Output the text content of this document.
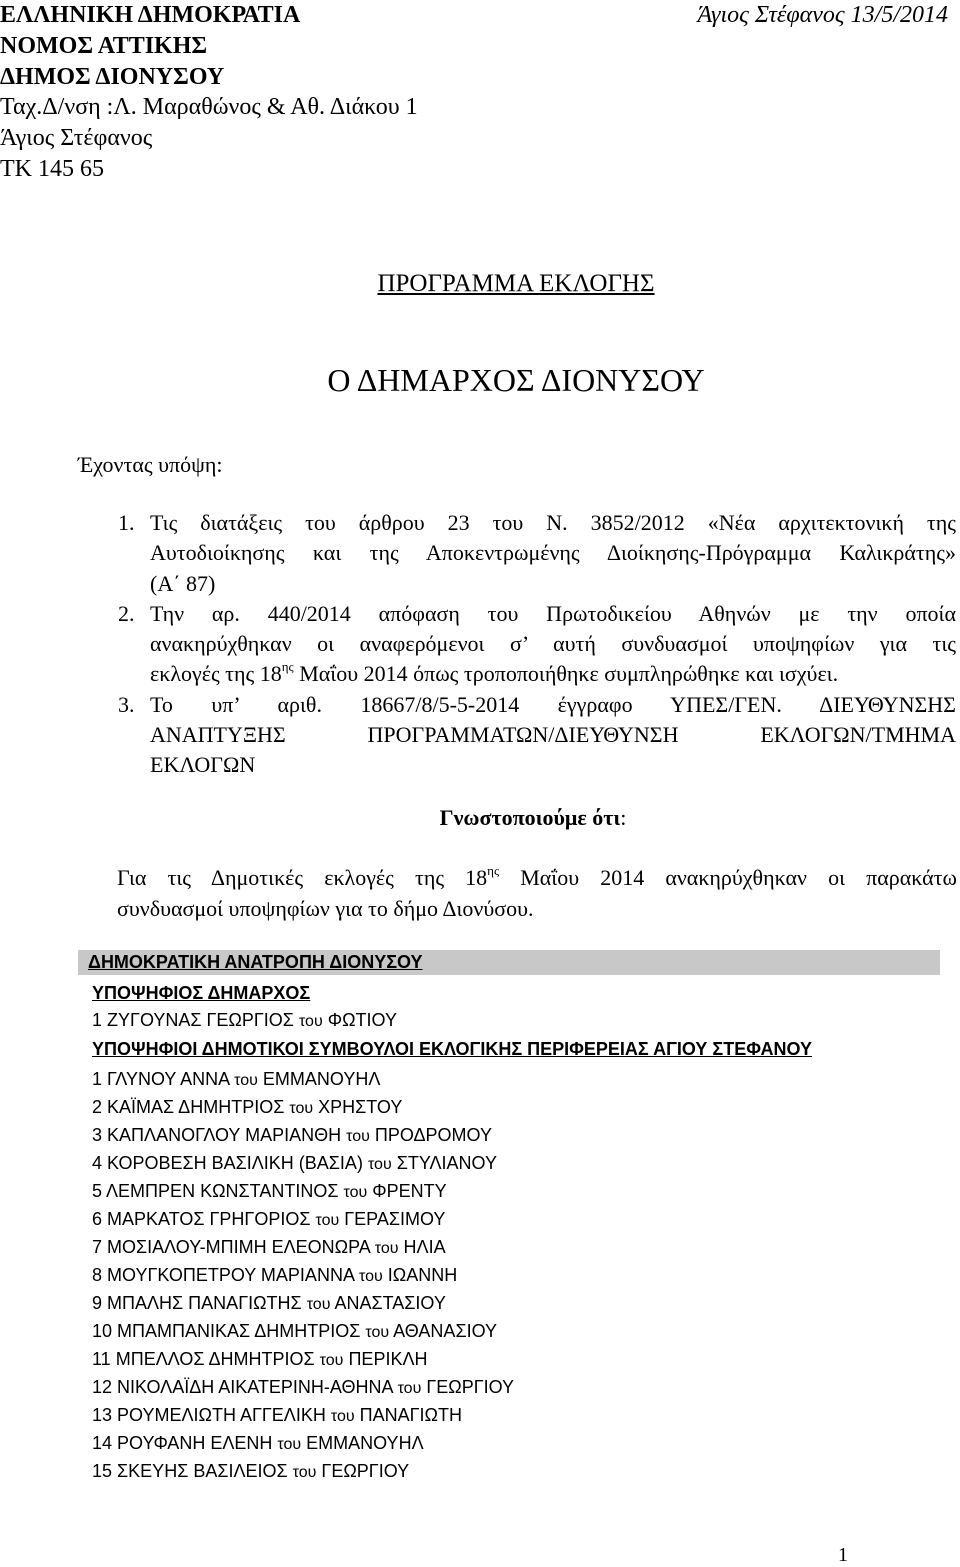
ΕΛΛΗΝΙΚΗ ΔΗΜΟΚΡΑΤΙΑ
ΝΟΜΟΣ ΑΤΤΙΚΗΣ
ΔΗΜΟΣ ΔΙΟΝΥΣΟΥ
Ταχ.Δ/νση :Λ. Μαραθώνος & Αθ. Διάκου 1
Άγιος Στέφανος
ΤΚ 145 65
Άγιος Στέφανος 13/5/2014
ΠΡΟΓΡΑΜΜΑ ΕΚΛΟΓΗΣ
Ο ΔΗΜΑΡΧΟΣ ΔΙΟΝΥΣΟΥ
Έχοντας υπόψη:
1. Τις διατάξεις του άρθρου 23 του Ν. 3852/2012 «Νέα αρχιτεκτονική της
Αυτοδιοίκησης και της Αποκεντρωμένης Διοίκησης-Πρόγραμμα Καλικράτης»
(Α΄ 87)
2. Την αρ. 440/2014 απόφαση του Πρωτοδικείου Αθηνών με την οποία
ανακηρύχθηκαν οι αναφερόμενοι σ’ αυτή συνδυασμοί υποψηφίων για τις
εκλογές της $18^{\eta\varsigma}$ Μαΐου 2014 όπως τροποποιήθηκε συμπληρώθηκε και ισχύει.
3. Το υπ’ αριθ. 18667/8/5-5-2014 έγγραφο ΥΠΕΣ/ΓΕΝ. ΔΙΕΥΘΥΝΣΗΣ
ΑΝΑΠΤΥΞΗΣ ΠΡΟΓΡΑΜΜΑΤΩΝ/ΔΙΕΥΘΥΝΣΗ ΕΚΛΟΓΩΝ/ΤΜΗΜΑ
ΕΚΛΟΓΩΝ
Γνωστοποιούμε ότι:
Για τις Δημοτικές εκλογές της $18^{\eta\varsigma}$ Μαΐου 2014 ανακηρύχθηκαν οι παρακάτω
συνδυασμοί υποψηφίων για το δήμο Διονύσου.
ΔΗΜΟΚΡΑΤΙΚΗ ΑΝΑΤΡΟΠΗ ΔΙΟΝΥΣΟΥ
ΥΠΟΨΗΦΙΟΣ ΔΗΜΑΡΧΟΣ
1 ΖΥΓΟΥΝΑΣ ΓΕΩΡΓΙΟΣ του ΦΩΤΙΟΥ
ΥΠΟΨΗΦΙΟΙ ΔΗΜΟΤΙΚΟΙ ΣΥΜΒΟΥΛΟΙ ΕΚΛΟΓΙΚΗΣ ΠΕΡΙΦΕΡΕΙΑΣ ΑΓΙΟΥ ΣΤΕΦΑΝΟΥ
1 ΓΛΥΝΟΥ ΑΝΝΑ του ΕΜΜΑΝΟΥΗΛ
2 ΚΑΪΜΑΣ ΔΗΜΗΤΡΙΟΣ του ΧΡΗΣΤΟΥ
3 ΚΑΠΛΑΝΟΓΛΟΥ ΜΑΡΙΑΝΘΗ του ΠΡΟΔΡΟΜΟΥ
4 ΚΟΡΟΒΕΣΗ ΒΑΣΙΛΙΚΗ (ΒΑΣΙΑ) του ΣΤΥΛΙΑΝΟΥ
5 ΛΕΜΠΡΕΝ ΚΩΝΣΤΑΝΤΙΝΟΣ του ΦΡΕΝΤΥ
6 ΜΑΡΚΑΤΟΣ ΓΡΗΓΟΡΙΟΣ του ΓΕΡΑΣΙΜΟΥ
7 ΜΟΣΙΑΛΟΥ-ΜΠΙΜΗ ΕΛΕΟΝΩΡΑ του ΗΛΙΑ
8 ΜΟΥΓΚΟΠΕΤΡΟΥ ΜΑΡΙΑΝΝΑ του ΙΩΑΝΝΗ
9 ΜΠΑΛΗΣ ΠΑΝΑΓΙΩΤΗΣ του ΑΝΑΣΤΑΣΙΟΥ
10 ΜΠΑΜΠΑΝΙΚΑΣ ΔΗΜΗΤΡΙΟΣ του ΑΘΑΝΑΣΙΟΥ
11 ΜΠΕΛΛΟΣ ΔΗΜΗΤΡΙΟΣ του ΠΕΡΙΚΛΗ
12 ΝΙΚΟΛΑΪΔΗ ΑΙΚΑΤΕΡΙΝΗ-ΑΘΗΝΑ του ΓΕΩΡΓΙΟΥ
13 ΡΟΥΜΕΛΙΩΤΗ ΑΓΓΕΛΙΚΗ του ΠΑΝΑΓΙΩΤΗ
14 ΡΟΥΦΑΝΗ ΕΛΕΝΗ του ΕΜΜΑΝΟΥΗΛ
15 ΣΚΕΥΗΣ ΒΑΣΙΛΕΙΟΣ του ΓΕΩΡΓΙΟΥ
1
